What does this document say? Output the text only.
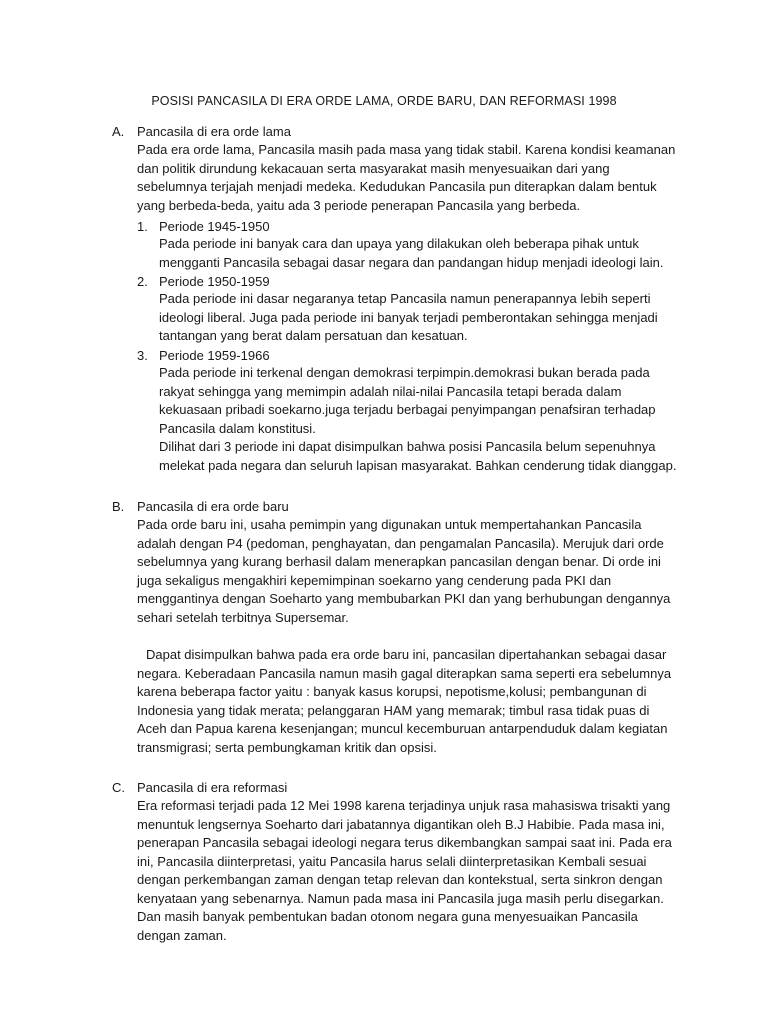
POSISI PANCASILA DI ERA ORDE LAMA, ORDE BARU, DAN REFORMASI 1998
A. Pancasila di era orde lama

Pada era orde lama, Pancasila masih pada masa yang tidak stabil. Karena kondisi keamanan dan politik dirundung kekacauan serta masyarakat masih menyesuaikan dari yang sebelumnya terjajah menjadi medeka. Kedudukan Pancasila pun diterapkan dalam bentuk yang berbeda-beda, yaitu ada 3 periode penerapan Pancasila yang berbeda.

1. Periode 1945-1950

Pada periode ini banyak cara dan upaya yang dilakukan oleh beberapa pihak untuk mengganti Pancasila sebagai dasar negara dan pandangan hidup menjadi ideologi lain.

2. Periode 1950-1959

Pada periode ini dasar negaranya tetap Pancasila namun penerapannya lebih seperti ideologi liberal. Juga pada periode ini banyak terjadi pemberontakan sehingga menjadi tantangan yang berat dalam persatuan dan kesatuan.

3. Periode 1959-1966

Pada periode ini terkenal dengan demokrasi terpimpin.demokrasi bukan berada pada rakyat sehingga yang memimpin adalah nilai-nilai Pancasila tetapi berada dalam kekuasaan pribadi soekarno.juga terjadu berbagai penyimpangan penafsiran terhadap Pancasila dalam konstitusi.

Dilihat dari 3 periode ini dapat disimpulkan bahwa posisi Pancasila belum sepenuhnya melekat pada negara dan seluruh lapisan masyarakat. Bahkan cenderung tidak dianggap.

B. Pancasila di era orde baru

Pada orde baru ini, usaha pemimpin yang digunakan untuk mempertahankan Pancasila adalah dengan P4 (pedoman, penghayatan, dan pengamalan Pancasila). Merujuk dari orde sebelumnya yang kurang berhasil dalam menerapkan pancasilan dengan benar. Di orde ini juga sekaligus mengakhiri kepemimpinan soekarno yang cenderung pada PKI dan menggantinya dengan Soeharto yang membubarkan PKI dan yang berhubungan dengannya sehari setelah terbitnya Supersemar.

Dapat disimpulkan bahwa pada era orde baru ini, pancasilan dipertahankan sebagai dasar negara. Keberadaan Pancasila namun masih gagal diterapkan sama seperti era sebelumnya karena beberapa factor yaitu : banyak kasus korupsi, nepotisme,kolusi; pembangunan di Indonesia yang tidak merata; pelanggaran HAM yang memarak; timbul rasa tidak puas di Aceh dan Papua karena kesenjangan; muncul kecemburuan antarpenduduk dalam kegiatan transmigrasi; serta pembungkaman kritik dan opsisi.

C. Pancasila di era reformasi

Era reformasi terjadi pada 12 Mei 1998 karena terjadinya unjuk rasa mahasiswa trisakti yang menuntuk lengsernya Soeharto dari jabatannya digantikan oleh B.J Habibie. Pada masa ini, penerapan Pancasila sebagai ideologi negara terus dikembangkan sampai saat ini. Pada era ini, Pancasila diinterpretasi, yaitu Pancasila harus selali diinterpretasikan Kembali sesuai dengan perkembangan zaman dengan tetap relevan dan kontekstual, serta sinkron dengan kenyataan yang sebenarnya. Namun pada masa ini Pancasila juga masih perlu disegarkan. Dan masih banyak pembentukan badan otonom negara guna menyesuaikan Pancasila dengan zaman.
